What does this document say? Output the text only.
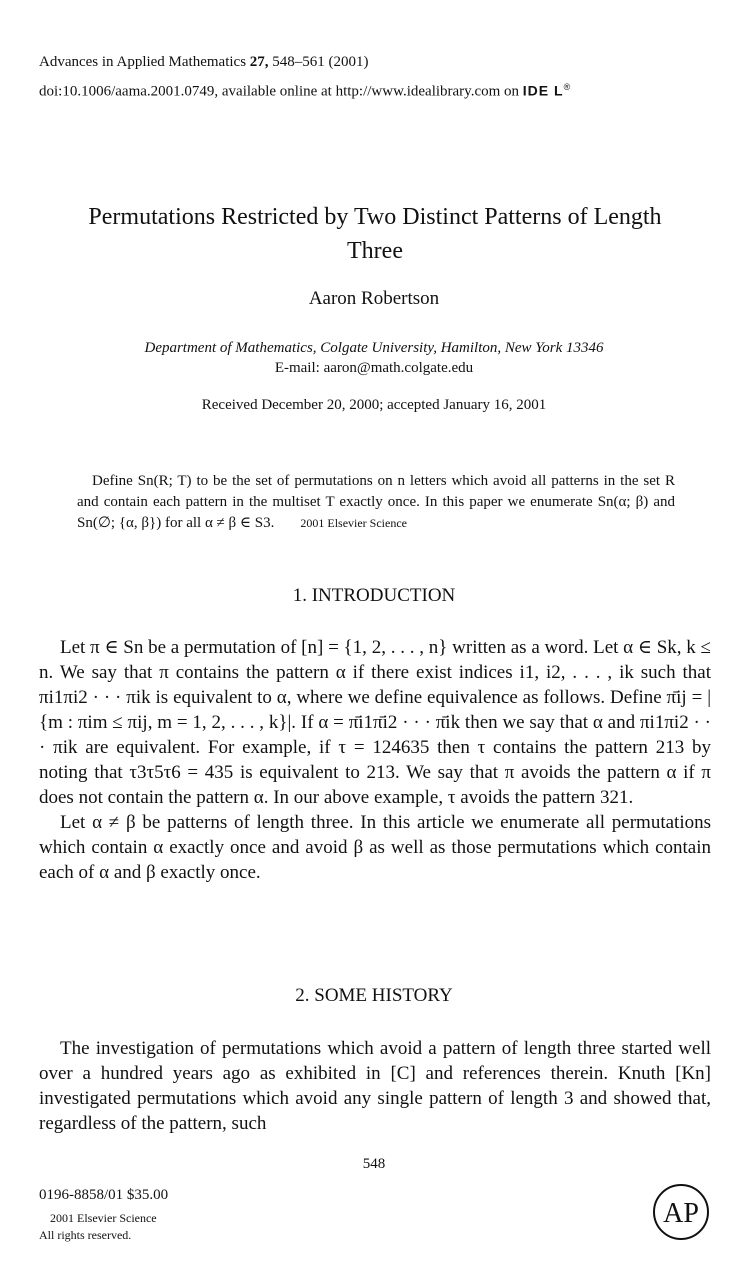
Advances in Applied Mathematics 27, 548–561 (2001)
doi:10.1006/aama.2001.0749, available online at http://www.idealibrary.com on IDE L®
Permutations Restricted by Two Distinct Patterns of Length Three
Aaron Robertson
Department of Mathematics, Colgate University, Hamilton, New York 13346
E-mail: aaron@math.colgate.edu
Received December 20, 2000; accepted January 16, 2001
Define Sn(R; T) to be the set of permutations on n letters which avoid all patterns in the set R and contain each pattern in the multiset T exactly once. In this paper we enumerate Sn(α; β) and Sn(∅; {α, β}) for all α ≠ β ∈ S3. 2001 Elsevier Science
1. INTRODUCTION

Let π ∈ Sn be a permutation of [n] = {1, 2, . . . , n} written as a word. Let α ∈ Sk, k ≤ n. We say that π contains the pattern α if there exist indices i1, i2, . . . , ik such that πi1πi2 · · · πik is equivalent to α, where we define equivalence as follows. Define π̄ij = |{m : πim ≤ πij, m = 1, 2, . . . , k}|. If α = π̄i1π̄i2 · · · π̄ik then we say that α and πi1πi2 · · · πik are equivalent. For example, if τ = 124635 then τ contains the pattern 213 by noting that τ3τ5τ6 = 435 is equivalent to 213. We say that π avoids the pattern α if π does not contain the pattern α. In our above example, τ avoids the pattern 321.

Let α ≠ β be patterns of length three. In this article we enumerate all permutations which contain α exactly once and avoid β as well as those permutations which contain each of α and β exactly once.

2. SOME HISTORY

The investigation of permutations which avoid a pattern of length three started well over a hundred years ago as exhibited in [C] and references therein. Knuth [Kn] investigated permutations which avoid any single pattern of length 3 and showed that, regardless of the pattern, such

548
0196-8858/01 $35.00
2001 Elsevier Science
All rights reserved.
AP
